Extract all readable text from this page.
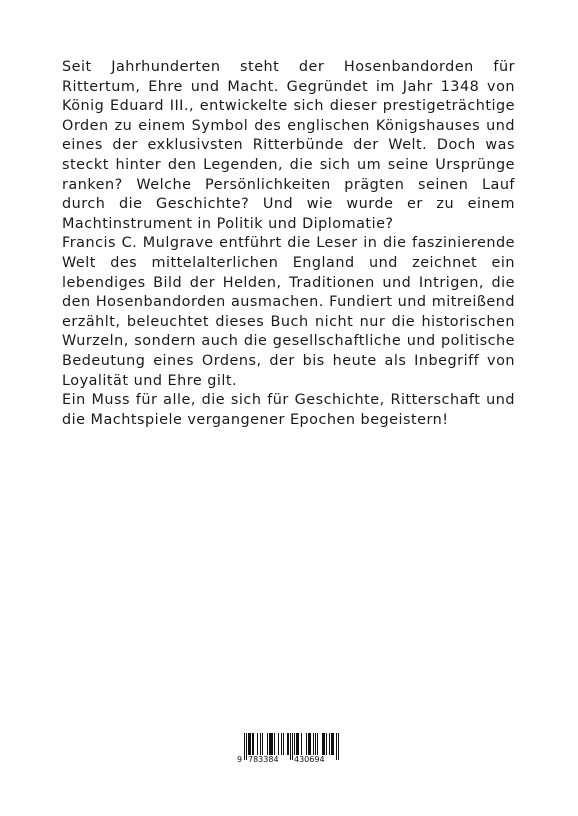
Seit Jahrhunderten steht der Hosenbandorden für Rittertum, Ehre und Macht. Gegründet im Jahr 1348 von König Eduard III., entwickelte sich dieser prestigeträchtige Orden zu einem Symbol des englischen Königshauses und eines der exklusivsten Ritterbünde der Welt. Doch was steckt hinter den Legenden, die sich um seine Ursprünge ranken? Welche Persönlichkeiten prägten seinen Lauf durch die Geschichte? Und wie wurde er zu einem Machtinstrument in Politik und Diplomatie?

Francis C. Mulgrave entführt die Leser in die faszinierende Welt des mittelalterlichen England und zeichnet ein lebendiges Bild der Helden, Traditionen und Intrigen, die den Hosenbandorden ausmachen. Fundiert und mitreißend erzählt, beleuchtet dieses Buch nicht nur die historischen Wurzeln, sondern auch die gesellschaftliche und politische Bedeutung eines Ordens, der bis heute als Inbegriff von Loyalität und Ehre gilt.

Ein Muss für alle, die sich für Geschichte, Ritterschaft und die Machtspiele vergangener Epochen begeistern!

9 783384 430694
